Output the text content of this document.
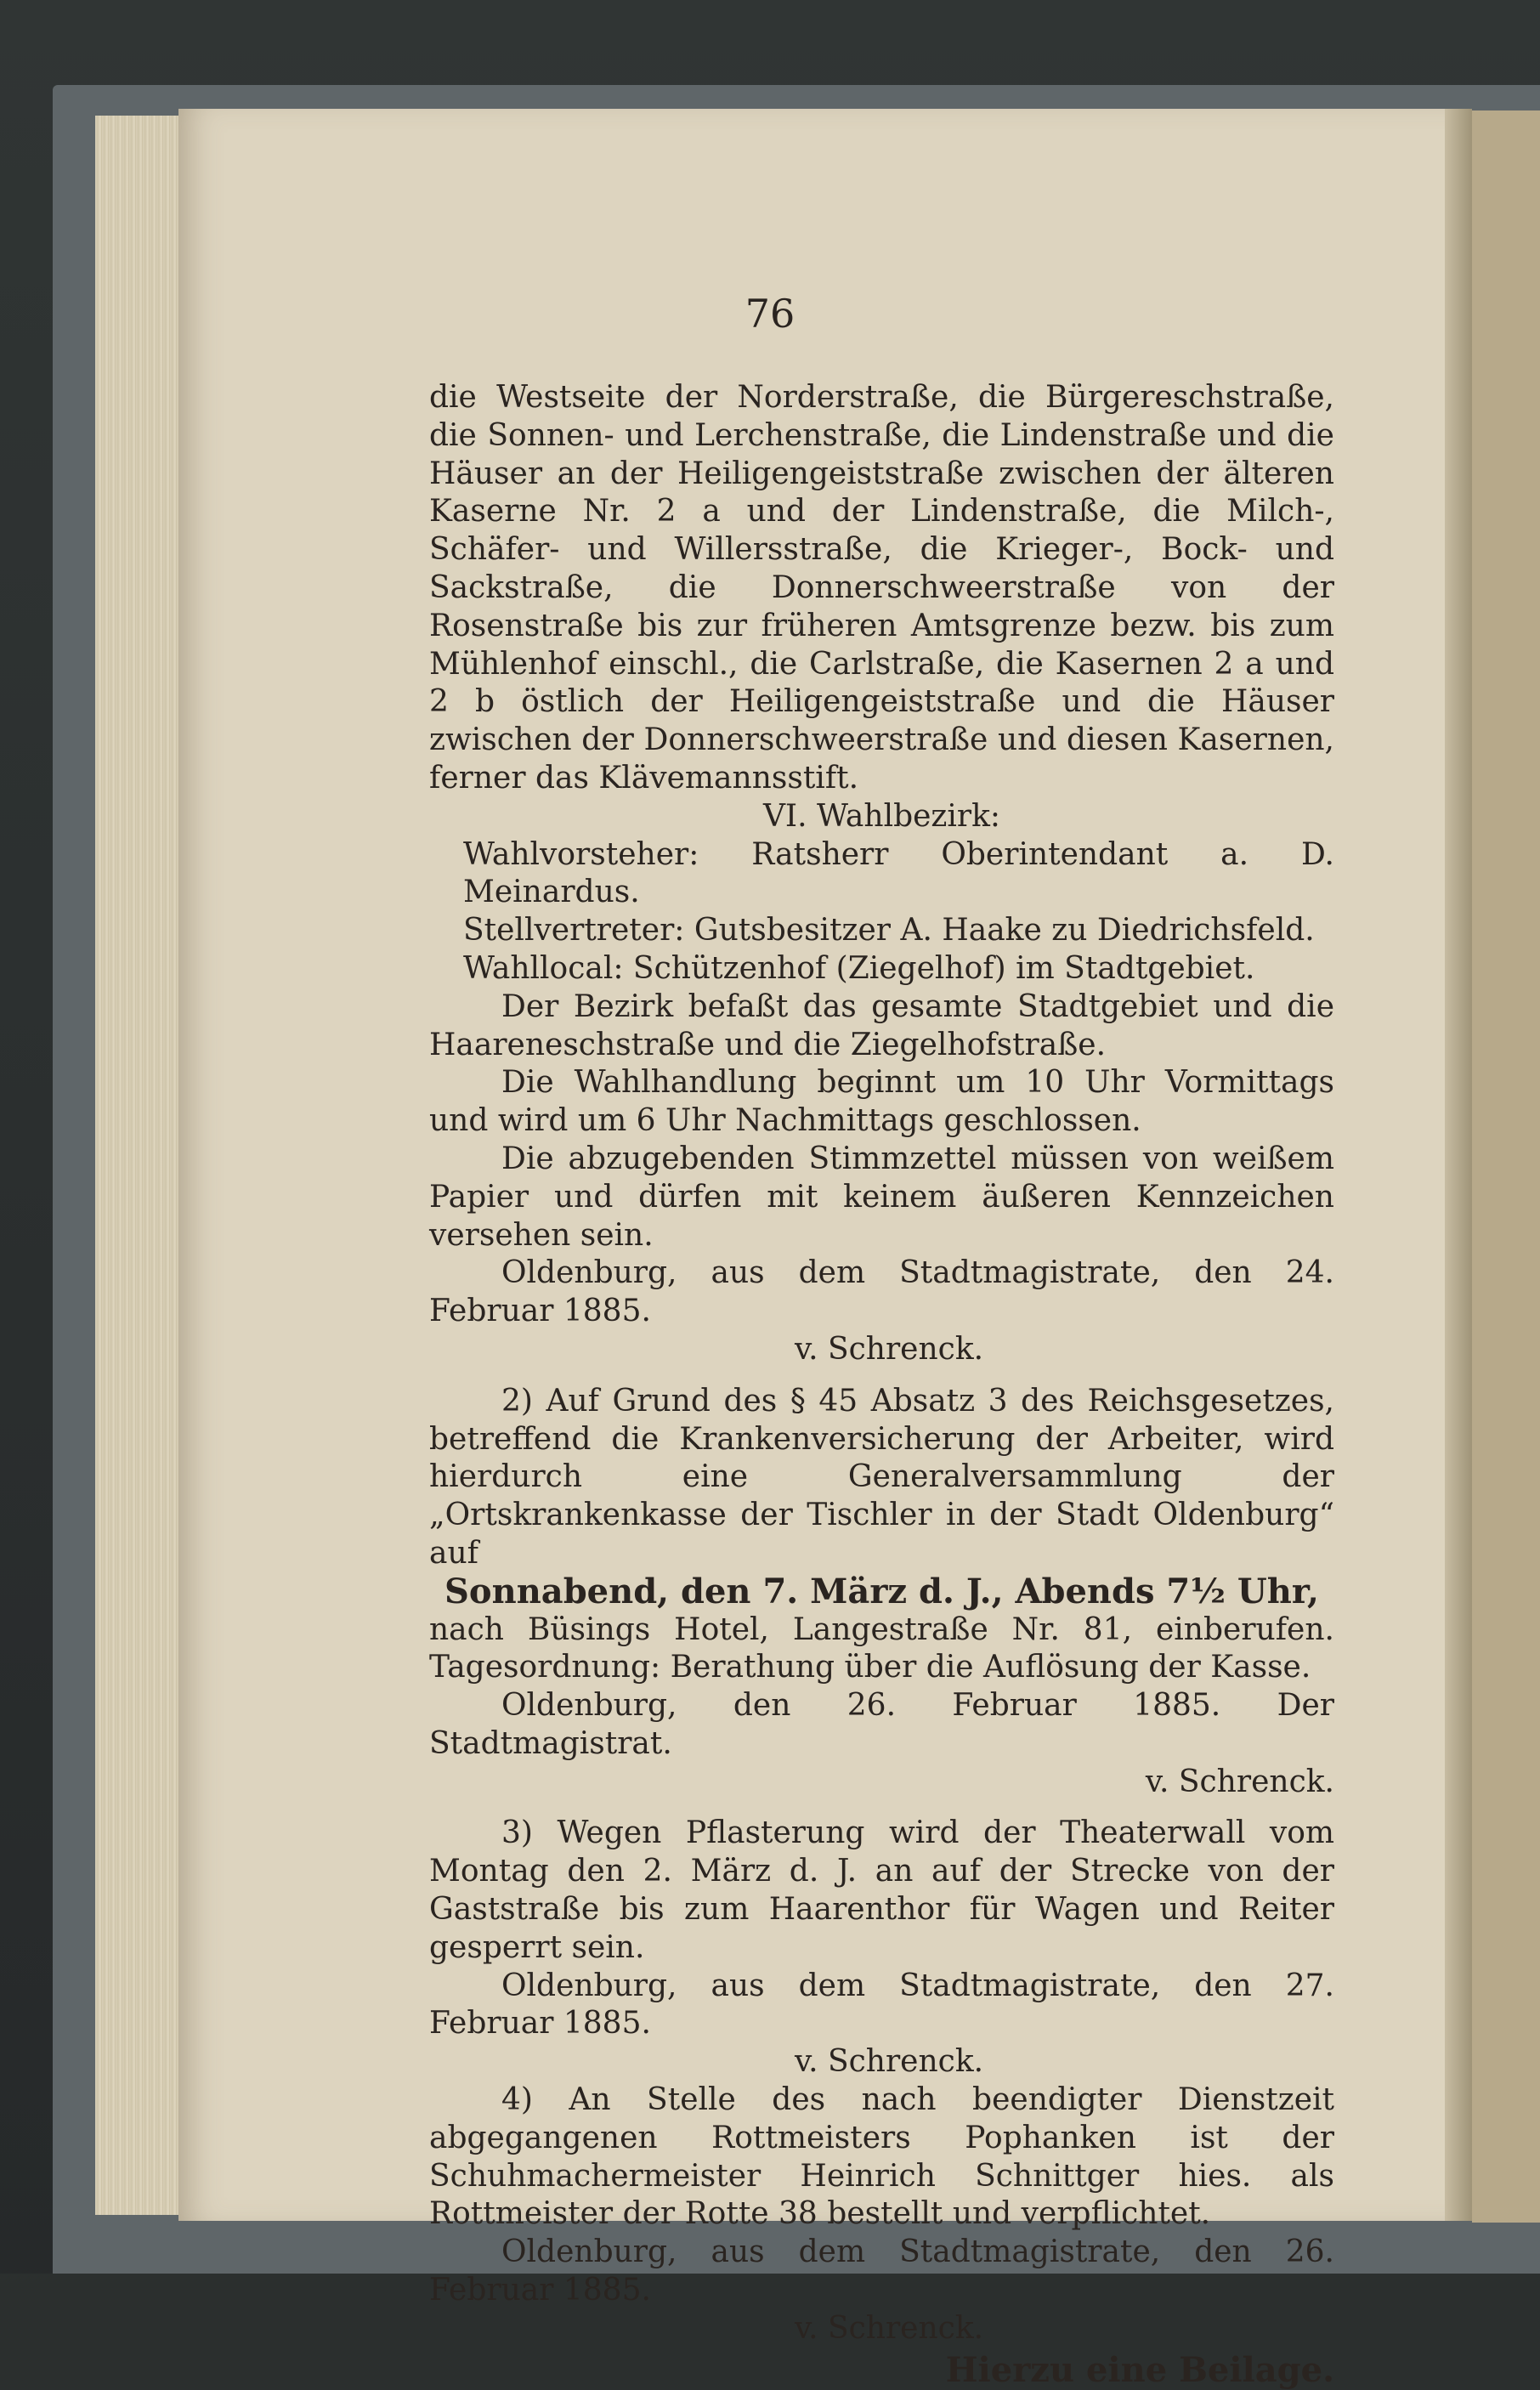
76
die Westseite der Norderstraße, die Bürgereschstraße, die Sonnen- und Lerchenstraße, die Lindenstraße und die Häuser an der Heiligengeiststraße zwischen der älteren Kaserne Nr. 2 a und der Lindenstraße, die Milch-, Schäfer- und Willersstraße, die Krieger-, Bock- und Sackstraße, die Donnerschweerstraße von der Rosenstraße bis zur früheren Amtsgrenze bezw. bis zum Mühlenhof einschl., die Carlstraße, die Kasernen 2 a und 2 b östlich der Heiligengeiststraße und die Häuser zwischen der Donnerschweerstraße und diesen Kasernen, ferner das Klävemannsstift.
VI. Wahlbezirk:
Wahlvorsteher: Ratsherr Oberintendant a. D. Meinardus.
Stellvertreter: Gutsbesitzer A. Haake zu Diedrichsfeld.
Wahllocal: Schützenhof (Ziegelhof) im Stadtgebiet.
Der Bezirk befaßt das gesamte Stadtgebiet und die Haareneschstraße und die Ziegelhofstraße.
Die Wahlhandlung beginnt um 10 Uhr Vormittags und wird um 6 Uhr Nachmittags geschlossen.
Die abzugebenden Stimmzettel müssen von weißem Papier und dürfen mit keinem äußeren Kennzeichen versehen sein.
Oldenburg, aus dem Stadtmagistrate, den 24. Februar 1885.
v. Schrenck.
2) Auf Grund des § 45 Absatz 3 des Reichsgesetzes, betreffend die Krankenversicherung der Arbeiter, wird hierdurch eine Generalversammlung der „Ortskrankenkasse der Tischler in der Stadt Oldenburg“ auf
Sonnabend, den 7. März d. J., Abends 7½ Uhr,
nach Büsings Hotel, Langestraße Nr. 81, einberufen. Tagesordnung: Berathung über die Auflösung der Kasse.
Oldenburg, den 26. Februar 1885. Der Stadtmagistrat.
v. Schrenck.
3) Wegen Pflasterung wird der Theaterwall vom Montag den 2. März d. J. an auf der Strecke von der Gaststraße bis zum Haarenthor für Wagen und Reiter gesperrt sein.
Oldenburg, aus dem Stadtmagistrate, den 27. Februar 1885.
v. Schrenck.
4) An Stelle des nach beendigter Dienstzeit abgegangenen Rottmeisters Pophanken ist der Schuhmachermeister Heinrich Schnittger hies. als Rottmeister der Rotte 38 bestellt und verpflichtet.
Oldenburg, aus dem Stadtmagistrate, den 26. Februar 1885.
v. Schrenck.
Hierzu eine Beilage.
